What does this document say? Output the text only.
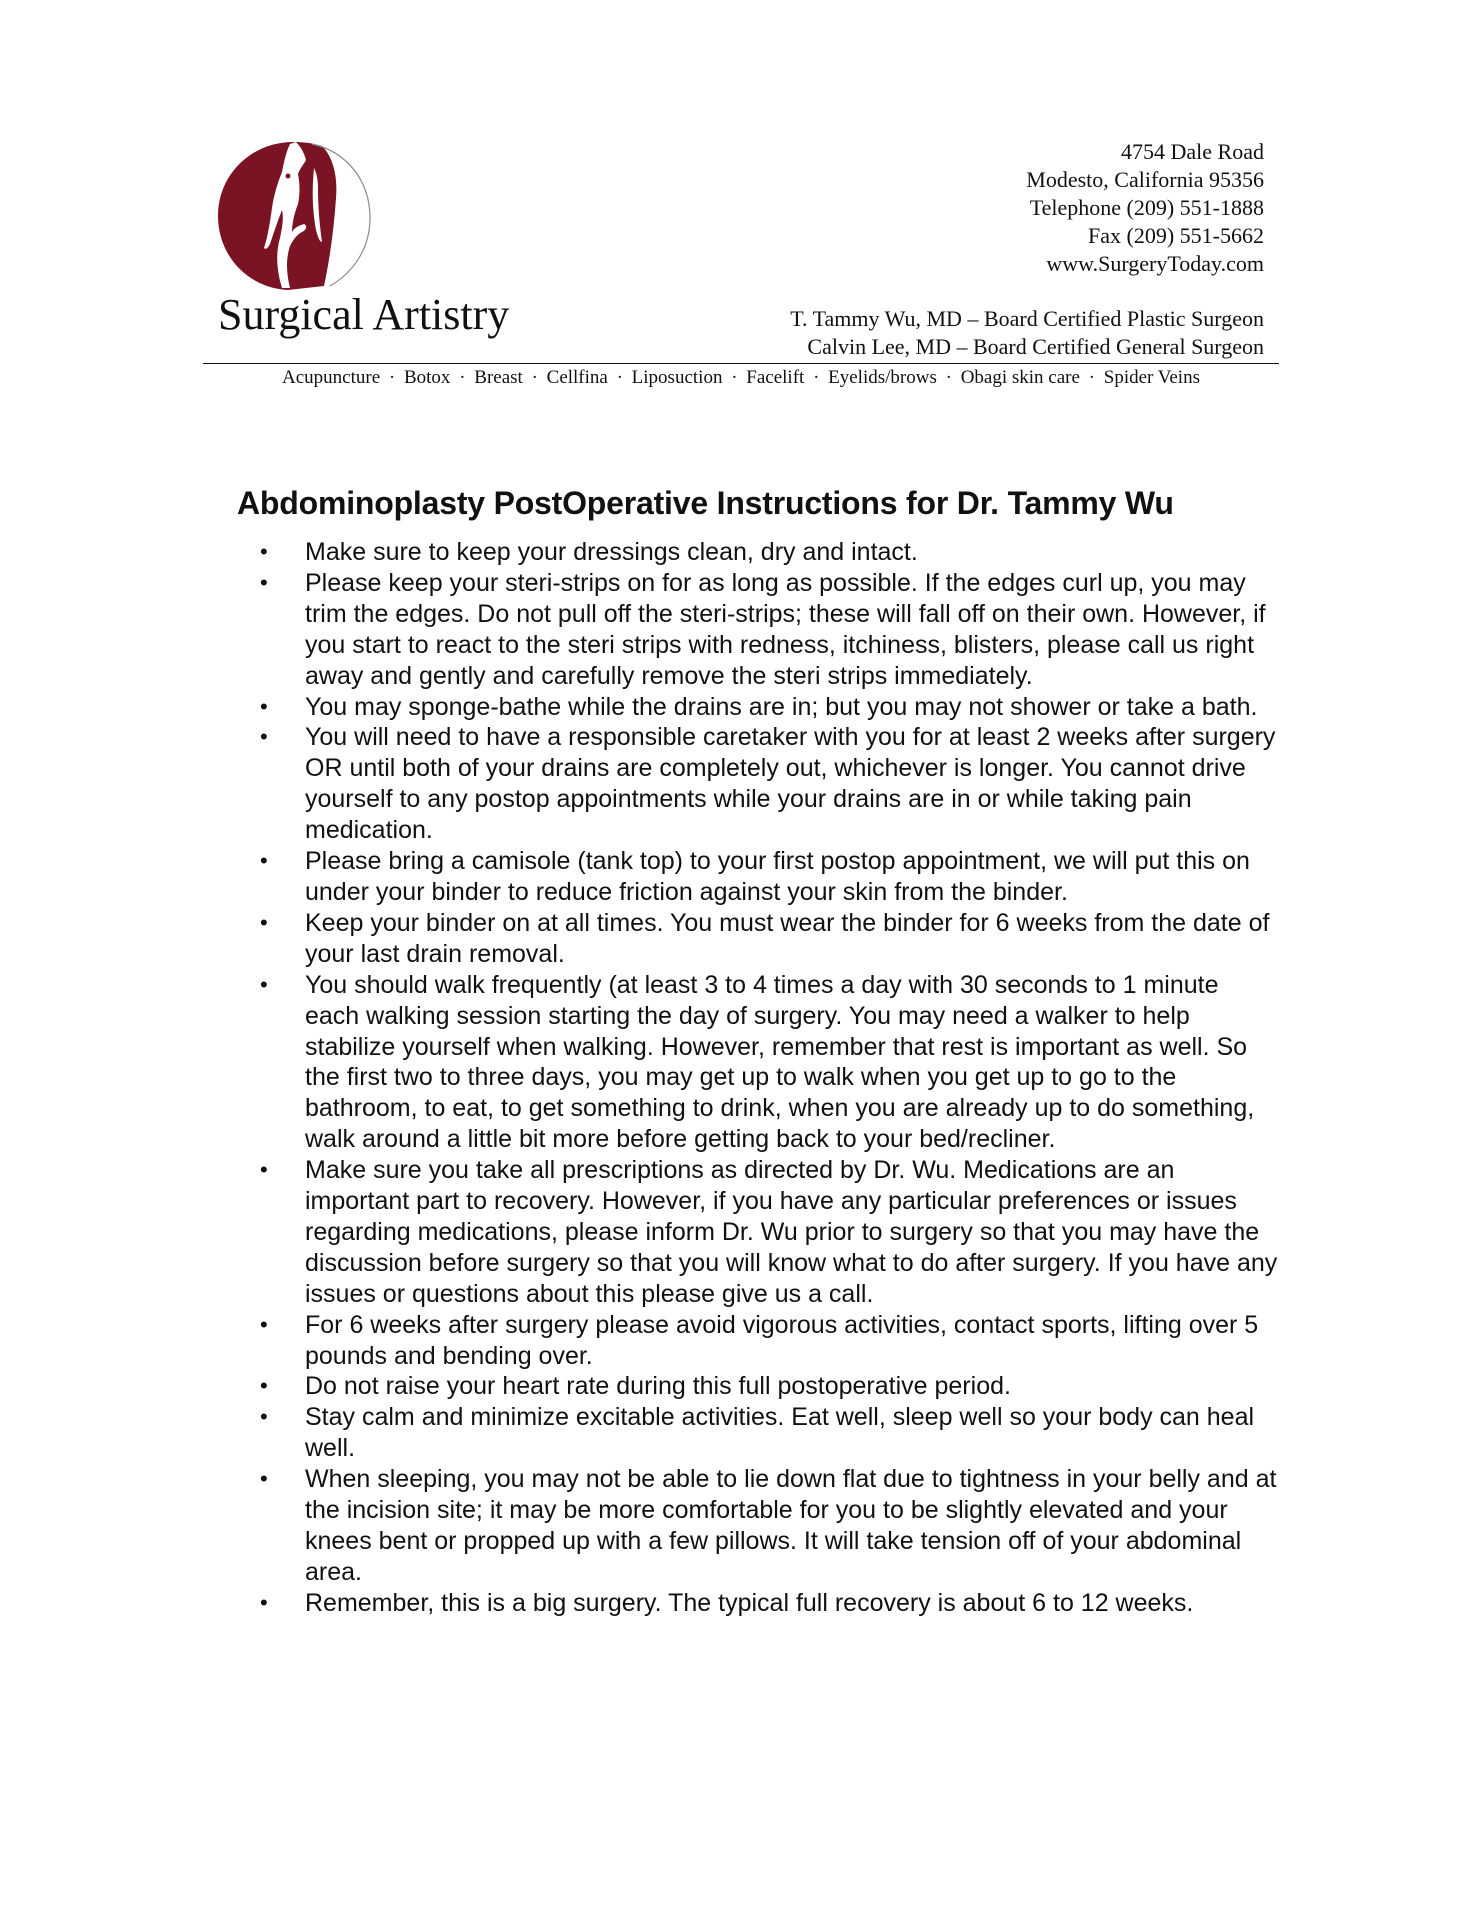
Surgical Artistry
4754 Dale Road
Modesto, California 95356
Telephone (209) 551-1888
Fax (209) 551-5662
www.SurgeryToday.com
T. Tammy Wu, MD – Board Certified Plastic Surgeon
Calvin Lee, MD – Board Certified General Surgeon
Acupuncture · Botox · Breast · Cellfina · Liposuction · Facelift · Eyelids/brows · Obagi skin care · Spider Veins
Abdominoplasty PostOperative Instructions for Dr. Tammy Wu
•	Make sure to keep your dressings clean, dry and intact.
•	Please keep your steri-strips on for as long as possible. If the edges curl up, you may trim the edges. Do not pull off the steri-strips; these will fall off on their own. However, if you start to react to the steri strips with redness, itchiness, blisters, please call us right away and gently and carefully remove the steri strips immediately.
•	You may sponge-bathe while the drains are in; but you may not shower or take a bath.
•	You will need to have a responsible caretaker with you for at least 2 weeks after surgery OR until both of your drains are completely out, whichever is longer. You cannot drive yourself to any postop appointments while your drains are in or while taking pain medication.
•	Please bring a camisole (tank top) to your first postop appointment, we will put this on under your binder to reduce friction against your skin from the binder.
•	Keep your binder on at all times. You must wear the binder for 6 weeks from the date of your last drain removal.
•	You should walk frequently (at least 3 to 4 times a day with 30 seconds to 1 minute each walking session starting the day of surgery. You may need a walker to help stabilize yourself when walking. However, remember that rest is important as well. So the first two to three days, you may get up to walk when you get up to go to the bathroom, to eat, to get something to drink, when you are already up to do something, walk around a little bit more before getting back to your bed/recliner.
•	Make sure you take all prescriptions as directed by Dr. Wu. Medications are an important part to recovery. However, if you have any particular preferences or issues regarding medications, please inform Dr. Wu prior to surgery so that you may have the discussion before surgery so that you will know what to do after surgery. If you have any issues or questions about this please give us a call.
•	For 6 weeks after surgery please avoid vigorous activities, contact sports, lifting over 5 pounds and bending over.
•	Do not raise your heart rate during this full postoperative period.
•	Stay calm and minimize excitable activities. Eat well, sleep well so your body can heal well.
•	When sleeping, you may not be able to lie down flat due to tightness in your belly and at the incision site; it may be more comfortable for you to be slightly elevated and your knees bent or propped up with a few pillows. It will take tension off of your abdominal area.
•	Remember, this is a big surgery. The typical full recovery is about 6 to 12 weeks.
